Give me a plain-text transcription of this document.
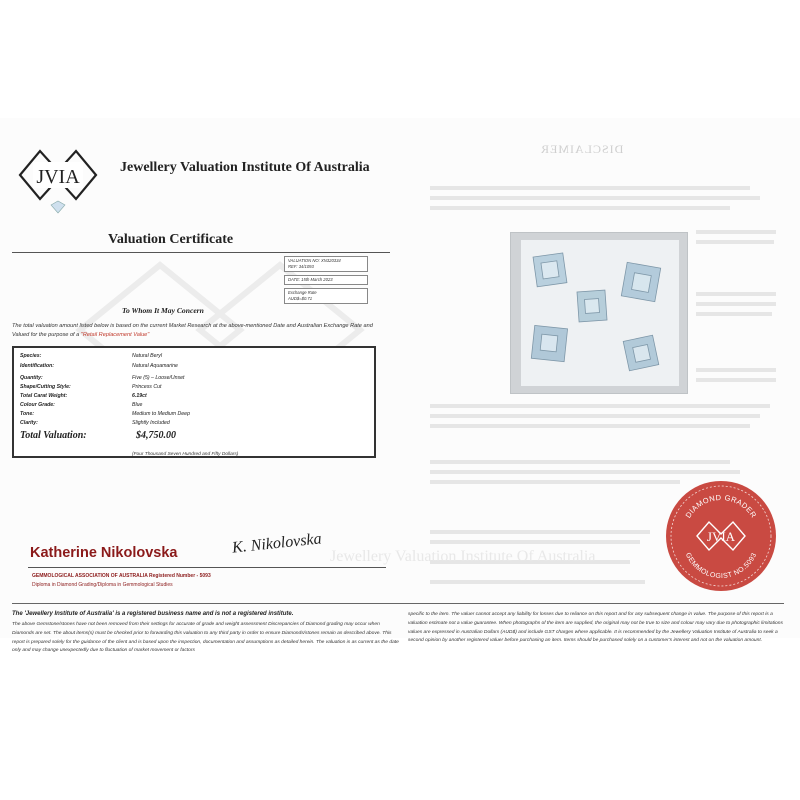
JVIA	Jewellery Valuation Institute Of Australia
DISCLAIMER
Valuation Certificate
VALUATION NO: XN320334
REF: 34/1093
DATE: 15th March 2023
Exchange Rate
AUD$=$0.71
To Whom It May Concern
The total valuation amount listed below is based on the current Market Research at the above-mentioned Date and Australian Exchange Rate and Valued for the purpose of a "Retail Replacement Value"
Species:	Natural Beryl
Identification:	Natural Aquamarine
Quantity:	Five (5) – Loose/Unset
Shape/Cutting Style:	Princess Cut
Total Carat Weight:	6.19ct
Colour Grade:	Blue
Tone:	Medium to Medium Deep
Clarity:	Slightly Included
Total Valuation:	$4,750.00
(Four Thousand Seven Hundred and Fifty Dollars)
Jewellery Valuation Institute Of Australia
Katherine Nikolovska	K. Nikolovska
GEMMOLOGICAL ASSOCIATION OF AUSTRALIA Registered Number - 5093
Diploma in Diamond Grading/Diploma in Gemmological Studies
DIAMOND GRADER
GEMMOLOGIST NO.5093
JVIA
The 'Jewellery Institute of Australia' is a registered business name and is not a registered institute.
The above Gemstone/stones have not been removed from their settings for accurate of grade and weight assessment Discrepancies of Diamond grading may occur when Diamonds are set. The about items(s) must be checked prior to forwarding this valuation to any third party in order to ensure Diamonds/stones remain as described above. This report is prepared solely for the guidance of the client and is based upon the inspection, documentation and assumptions as detailed herein. The valuation is as current as the date only and may change unexpectedly due to fluctuation of market movement or factors
specific to the item. The valuer cannot accept any liability for losses due to reliance on this report and for any subsequent change in value. The purpose of this report is a valuation estimate not a value guarantee. When photographs of the item are supplied, the original may not be true to size and colour may vary due to photographic limitations values are expressed in Australian Dollars (AUD$) and include GST charges where applicable. It is recommended by the Jewellery Valuation Institute of Australia to seek a second opinion by another registered valuer before purchasing an item. Items should be purchased solely on a customer's interest and not on the valuation amount.
